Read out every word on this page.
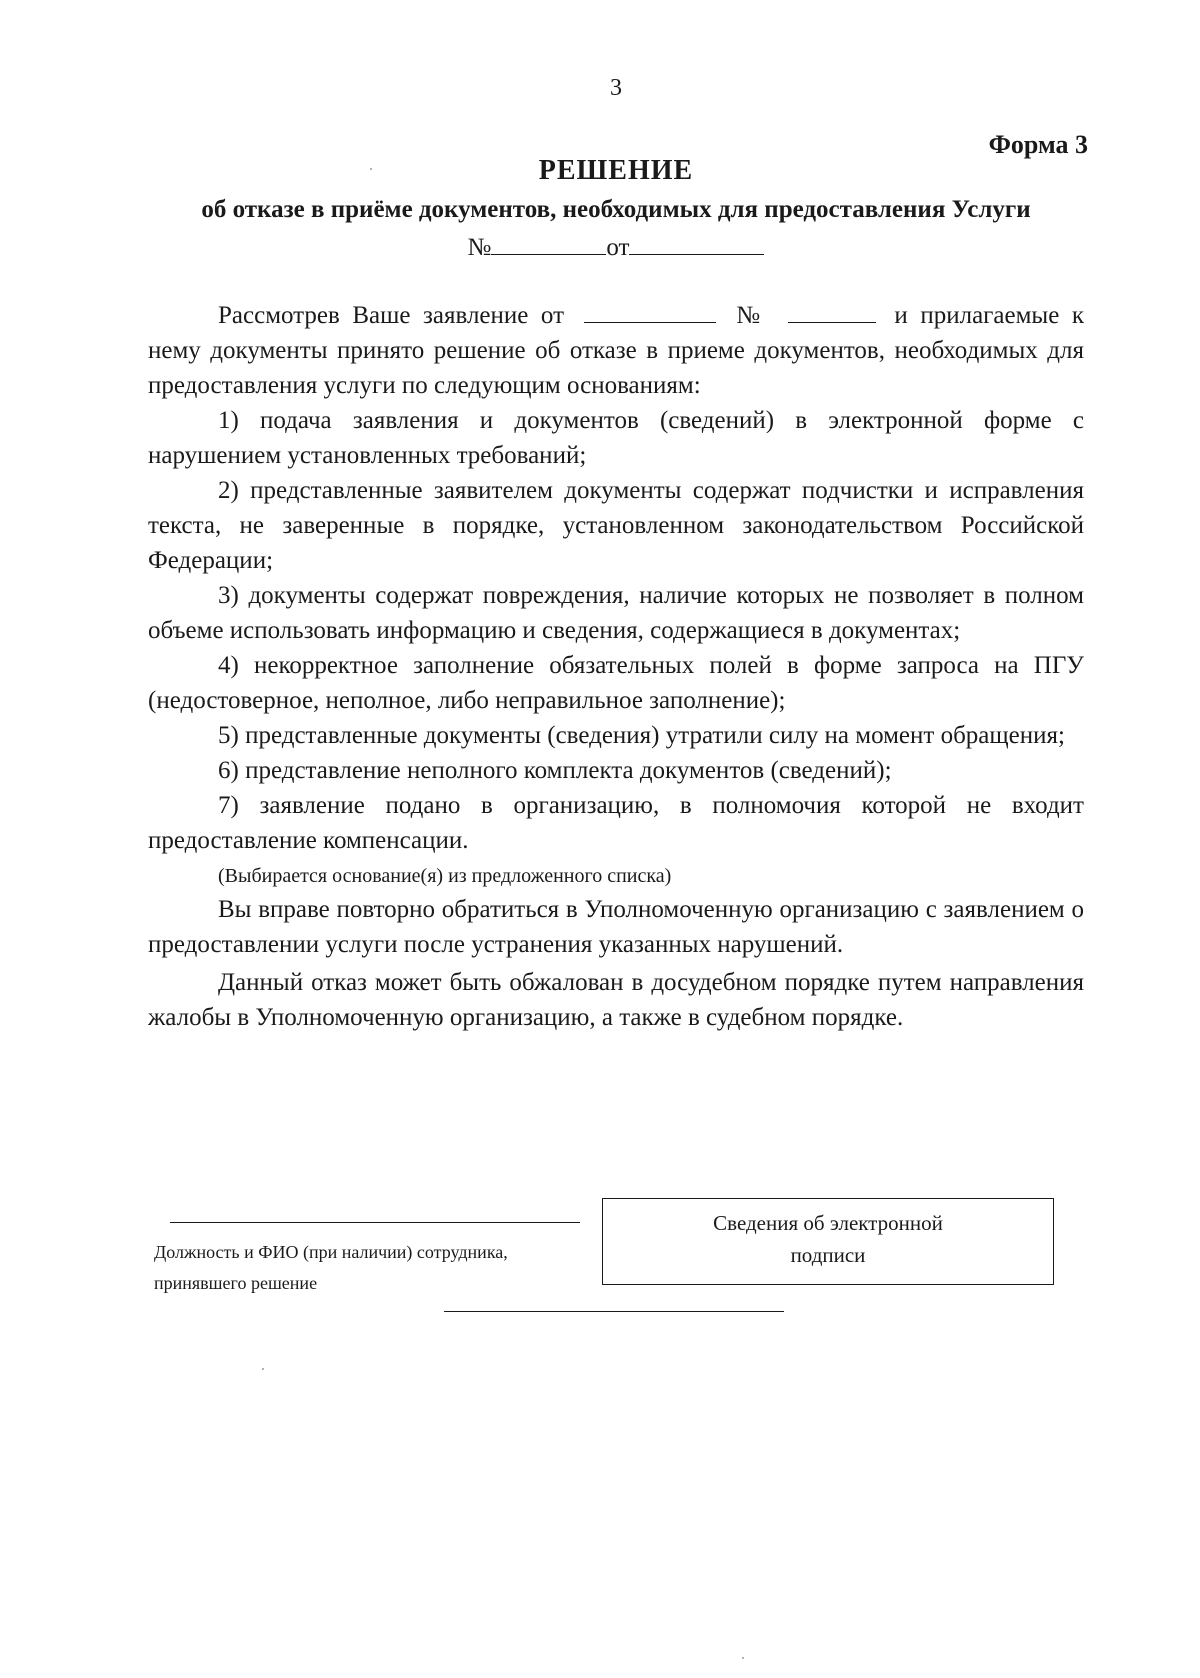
3
Форма 3
РЕШЕНИЕ
об отказе в приёме документов, необходимых для предоставления Услуги
№	от

Рассмотрев Ваше заявление от	№	и прилагаемые к нему документы принято решение об отказе в приеме документов, необходимых для предоставления услуги по следующим основаниям:

1) подача заявления и документов (сведений) в электронной форме с нарушением установленных требований;

2) представленные заявителем документы содержат подчистки и исправления текста, не заверенные в порядке, установленном законодательством Российской Федерации;

3) документы содержат повреждения, наличие которых не позволяет в полном объеме использовать информацию и сведения, содержащиеся в документах;

4) некорректное заполнение обязательных полей в форме запроса на ПГУ (недостоверное, неполное, либо неправильное заполнение);

5) представленные документы (сведения) утратили силу на момент обращения;

6) представление неполного комплекта документов (сведений);

7) заявление подано в организацию, в полномочия которой не входит предоставление компенсации.

(Выбирается основание(я) из предложенного списка)

Вы вправе повторно обратиться в Уполномоченную организацию с заявлением о предоставлении услуги после устранения указанных нарушений.

Данный отказ может быть обжалован в досудебном порядке путем направления жалобы в Уполномоченную организацию, а также в судебном порядке.

Должность и ФИО (при наличии) сотрудника,
принявшего решение
Сведения об электронной
подписи
